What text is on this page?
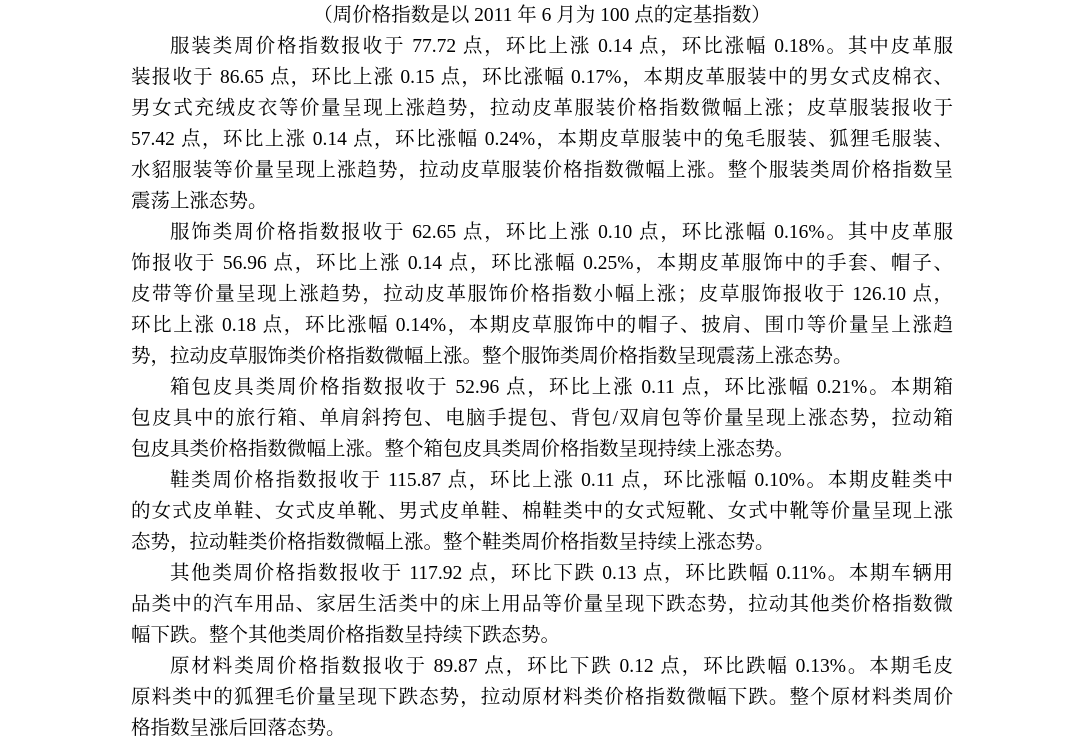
（周价格指数是以 2011 年 6 月为 100 点的定基指数）
服装类周价格指数报收于 77.72 点，环比上涨 0.14 点，环比涨幅 0.18%。其中皮革服
装报收于 86.65 点，环比上涨 0.15 点，环比涨幅 0.17%，本期皮革服装中的男女式皮棉衣、
男女式充绒皮衣等价量呈现上涨趋势，拉动皮革服装价格指数微幅上涨；皮草服装报收于
57.42 点，环比上涨 0.14 点，环比涨幅 0.24%，本期皮草服装中的兔毛服装、狐狸毛服装、
水貂服装等价量呈现上涨趋势，拉动皮草服装价格指数微幅上涨。整个服装类周价格指数呈
震荡上涨态势。
服饰类周价格指数报收于 62.65 点，环比上涨 0.10 点，环比涨幅 0.16%。其中皮革服
饰报收于 56.96 点，环比上涨 0.14 点，环比涨幅 0.25%，本期皮革服饰中的手套、帽子、
皮带等价量呈现上涨趋势，拉动皮革服饰价格指数小幅上涨；皮草服饰报收于 126.10 点，
环比上涨 0.18 点，环比涨幅 0.14%，本期皮草服饰中的帽子、披肩、围巾等价量呈上涨趋
势，拉动皮草服饰类价格指数微幅上涨。整个服饰类周价格指数呈现震荡上涨态势。
箱包皮具类周价格指数报收于 52.96 点，环比上涨 0.11 点，环比涨幅 0.21%。本期箱
包皮具中的旅行箱、单肩斜挎包、电脑手提包、背包/双肩包等价量呈现上涨态势，拉动箱
包皮具类价格指数微幅上涨。整个箱包皮具类周价格指数呈现持续上涨态势。
鞋类周价格指数报收于 115.87 点，环比上涨 0.11 点，环比涨幅 0.10%。本期皮鞋类中
的女式皮单鞋、女式皮单靴、男式皮单鞋、棉鞋类中的女式短靴、女式中靴等价量呈现上涨
态势，拉动鞋类价格指数微幅上涨。整个鞋类周价格指数呈持续上涨态势。
其他类周价格指数报收于 117.92 点，环比下跌 0.13 点，环比跌幅 0.11%。本期车辆用
品类中的汽车用品、家居生活类中的床上用品等价量呈现下跌态势，拉动其他类价格指数微
幅下跌。整个其他类周价格指数呈持续下跌态势。
原材料类周价格指数报收于 89.87 点，环比下跌 0.12 点，环比跌幅 0.13%。本期毛皮
原料类中的狐狸毛价量呈现下跌态势，拉动原材料类价格指数微幅下跌。整个原材料类周价
格指数呈涨后回落态势。
